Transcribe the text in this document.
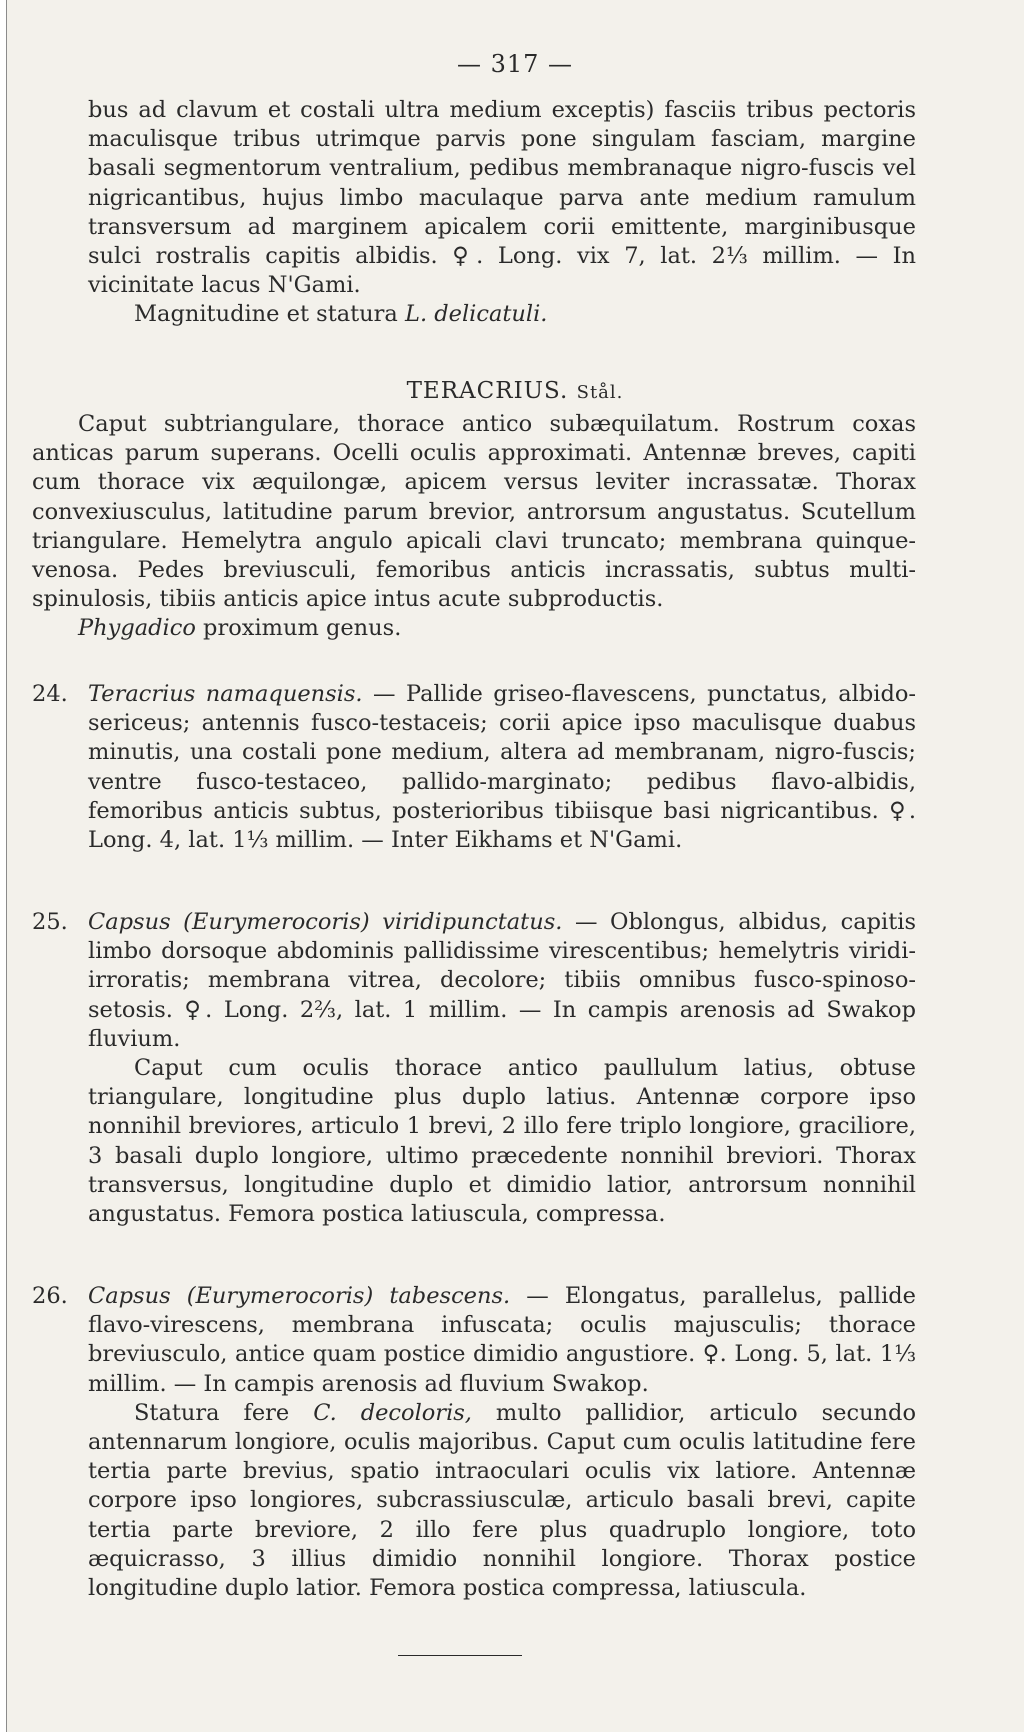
— 317 —

bus ad clavum et costali ultra medium exceptis) fasciis tribus pectoris maculisque tribus utrimque parvis pone singulam fasciam, margine basali segmentorum ventralium, pedibus membranaque nigro-fuscis vel nigricantibus, hujus limbo maculaque parva ante medium ramulum transversum ad marginem apicalem corii emittente, marginibusque sulci rostralis capitis albidis. ♀. Long. vix 7, lat. 2⅓ millim. — In vicinitate lacus N'Gami.

Magnitudine et statura L. delicatuli.

TERACRIUS. Stål.

Caput subtriangulare, thorace antico subæquilatum. Rostrum coxas anticas parum superans. Ocelli oculis approximati. Antennæ breves, capiti cum thorace vix æquilongæ, apicem versus leviter incrassatæ. Thorax convexiusculus, latitudine parum brevior, antrorsum angustatus. Scutellum triangulare. Hemelytra angulo apicali clavi truncato; membrana quinque-venosa. Pedes breviusculi, femoribus anticis incrassatis, subtus multi-spinulosis, tibiis anticis apice intus acute subproductis.

Phygadico proximum genus.

24. Teracrius namaquensis. — Pallide griseo-flavescens, punctatus, albido-sericeus; antennis fusco-testaceis; corii apice ipso maculisque duabus minutis, una costali pone medium, altera ad membranam, nigro-fuscis; ventre fusco-testaceo, pallido-marginato; pedibus flavo-albidis, femoribus anticis subtus, posterioribus tibiisque basi nigricantibus. ♀. Long. 4, lat. 1⅓ millim. — Inter Eikhams et N'Gami.

25. Capsus (Eurymerocoris) viridipunctatus. — Oblongus, albidus, capitis limbo dorsoque abdominis pallidissime virescentibus; hemelytris viridi-irroratis; membrana vitrea, decolore; tibiis omnibus fusco-spinoso-setosis. ♀. Long. 2⅔, lat. 1 millim. — In campis arenosis ad Swakop fluvium.

Caput cum oculis thorace antico paullulum latius, obtuse triangulare, longitudine plus duplo latius. Antennæ corpore ipso nonnihil breviores, articulo 1 brevi, 2 illo fere triplo longiore, graciliore, 3 basali duplo longiore, ultimo præcedente nonnihil breviori. Thorax transversus, longitudine duplo et dimidio latior, antrorsum nonnihil angustatus. Femora postica latiuscula, compressa.

26. Capsus (Eurymerocoris) tabescens. — Elongatus, parallelus, pallide flavo-virescens, membrana infuscata; oculis majusculis; thorace breviusculo, antice quam postice dimidio angustiore. ♀. Long. 5, lat. 1⅓ millim. — In campis arenosis ad fluvium Swakop.

Statura fere C. decoloris, multo pallidior, articulo secundo antennarum longiore, oculis majoribus. Caput cum oculis latitudine fere tertia parte brevius, spatio intraoculari oculis vix latiore. Antennæ corpore ipso longiores, subcrassiusculæ, articulo basali brevi, capite tertia parte breviore, 2 illo fere plus quadruplo longiore, toto æquicrasso, 3 illius dimidio nonnihil longiore. Thorax postice longitudine duplo latior. Femora postica compressa, latiuscula.
